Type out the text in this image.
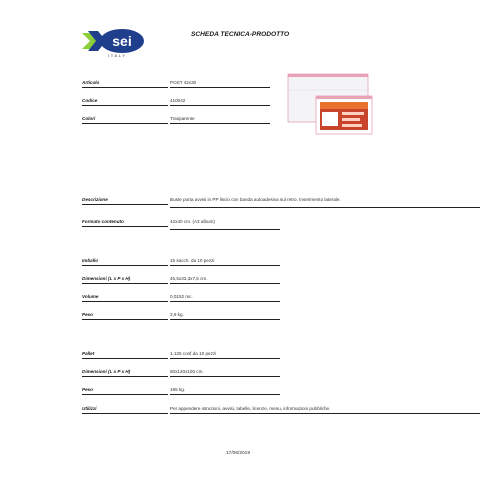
sei
ITALY
SCHEDA TECNICA-PRODOTTO
Articolo	POST 42x30
Codice	410042
Colori	Trasparente
Descrizione	Buste porta avvisi in PP liscio con banda autoadesiva sul retro. Inserimento laterale.
Formato contenuto	42x30 cm. (A3 album)
Imballo	15 sacch. da 10 pezzi
Dimensioni (L x P x H)	45,5x33,3x7,5 cm.
Volume	0,0152 mc.
Peso	3,9 kg.
Pallet	1.125 conf.da 10 pezzi
Dimensioni (L x P x H)	80x120x100 cm.
Peso	185 kg.
Utilizzi	Per appendere istruzioni, avvisi, tabelle, licenze, menu, informazioni pubbliche.
17/06/2019
